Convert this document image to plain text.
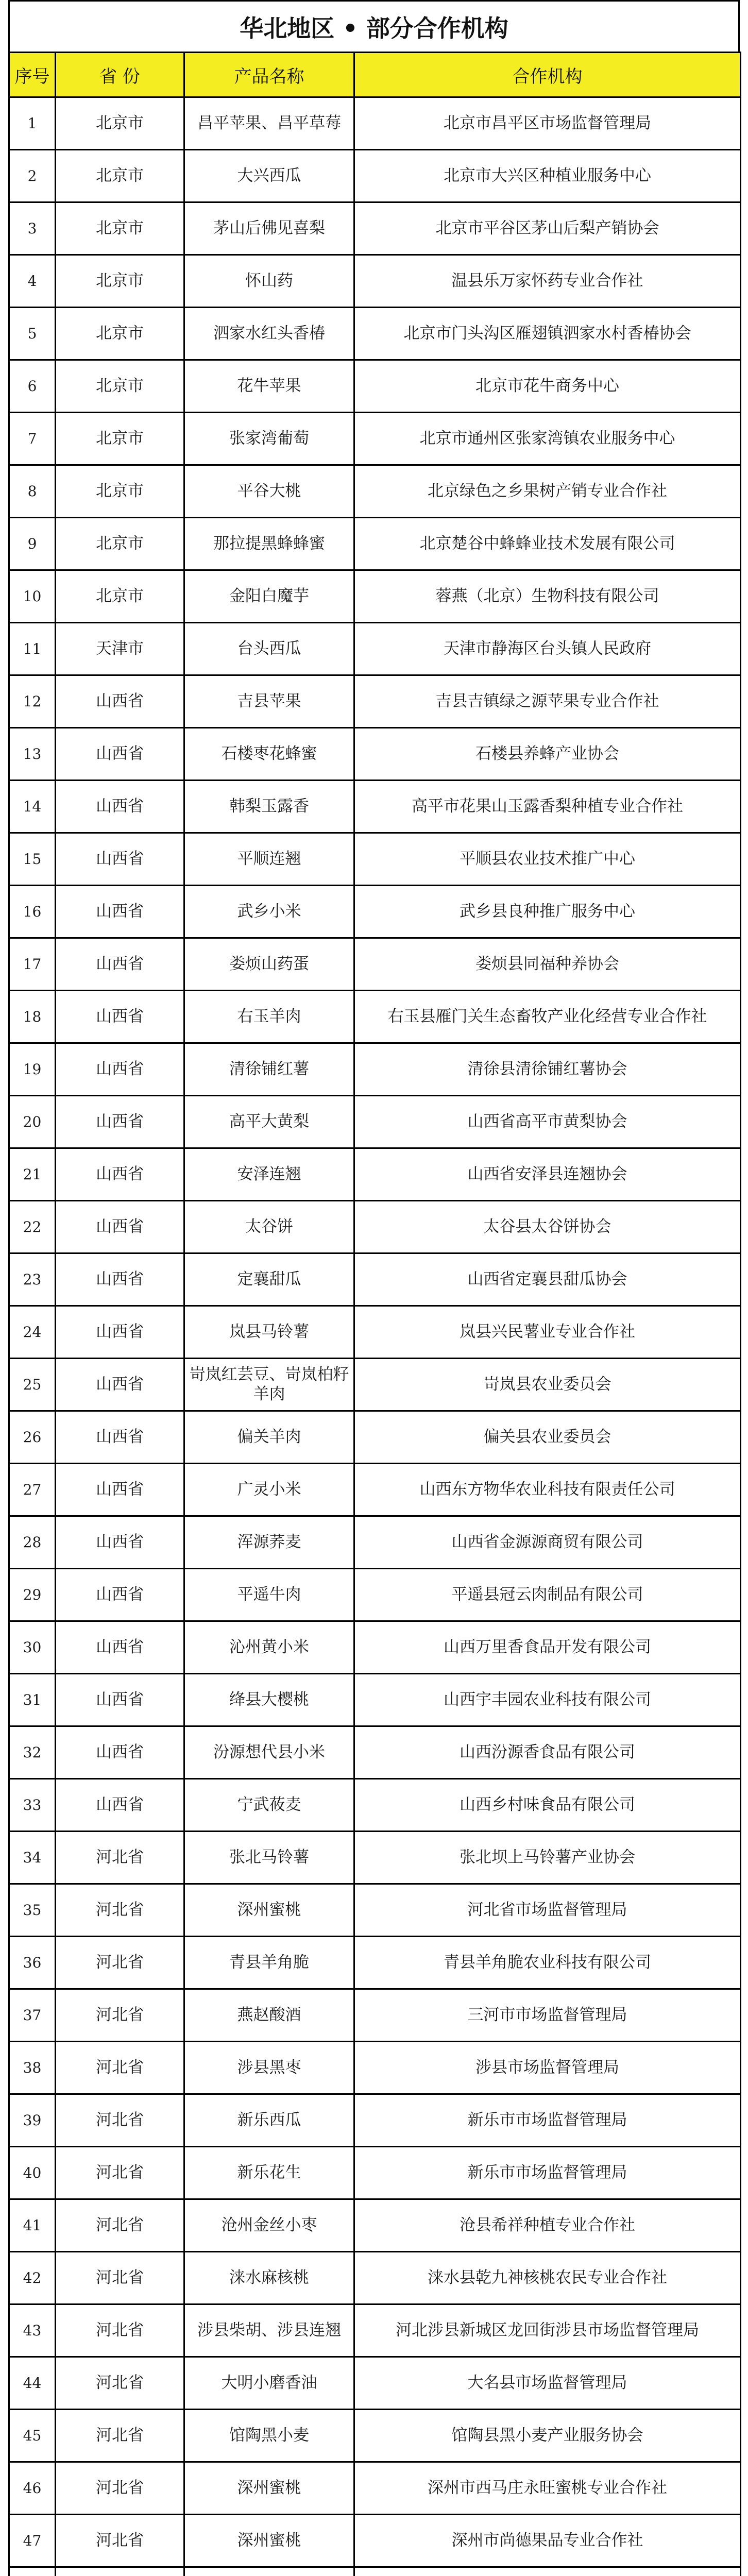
华北地区 • 部分合作机构
序号	省 份	产品名称	合作机构
1	北京市	昌平苹果、昌平草莓	北京市昌平区市场监督管理局
2	北京市	大兴西瓜	北京市大兴区种植业服务中心
3	北京市	茅山后佛见喜梨	北京市平谷区茅山后梨产销协会
4	北京市	怀山药	温县乐万家怀药专业合作社
5	北京市	泗家水红头香椿	北京市门头沟区雁翅镇泗家水村香椿协会
6	北京市	花牛苹果	北京市花牛商务中心
7	北京市	张家湾葡萄	北京市通州区张家湾镇农业服务中心
8	北京市	平谷大桃	北京绿色之乡果树产销专业合作社
9	北京市	那拉提黑蜂蜂蜜	北京楚谷中蜂蜂业技术发展有限公司
10	北京市	金阳白魔芋	蓉燕（北京）生物科技有限公司
11	天津市	台头西瓜	天津市静海区台头镇人民政府
12	山西省	吉县苹果	吉县吉镇绿之源苹果专业合作社
13	山西省	石楼枣花蜂蜜	石楼县养蜂产业协会
14	山西省	韩梨玉露香	高平市花果山玉露香梨种植专业合作社
15	山西省	平顺连翘	平顺县农业技术推广中心
16	山西省	武乡小米	武乡县良种推广服务中心
17	山西省	娄烦山药蛋	娄烦县同福种养协会
18	山西省	右玉羊肉	右玉县雁门关生态畜牧产业化经营专业合作社
19	山西省	清徐铺红薯	清徐县清徐铺红薯协会
20	山西省	高平大黄梨	山西省高平市黄梨协会
21	山西省	安泽连翘	山西省安泽县连翘协会
22	山西省	太谷饼	太谷县太谷饼协会
23	山西省	定襄甜瓜	山西省定襄县甜瓜协会
24	山西省	岚县马铃薯	岚县兴民薯业专业合作社
25	山西省	岢岚红芸豆、岢岚柏籽羊肉	岢岚县农业委员会
26	山西省	偏关羊肉	偏关县农业委员会
27	山西省	广灵小米	山西东方物华农业科技有限责任公司
28	山西省	浑源荞麦	山西省金源源商贸有限公司
29	山西省	平遥牛肉	平遥县冠云肉制品有限公司
30	山西省	沁州黄小米	山西万里香食品开发有限公司
31	山西省	绛县大樱桃	山西宇丰园农业科技有限公司
32	山西省	汾源想代县小米	山西汾源香食品有限公司
33	山西省	宁武莜麦	山西乡村味食品有限公司
34	河北省	张北马铃薯	张北坝上马铃薯产业协会
35	河北省	深州蜜桃	河北省市场监督管理局
36	河北省	青县羊角脆	青县羊角脆农业科技有限公司
37	河北省	燕赵酸酒	三河市市场监督管理局
38	河北省	涉县黑枣	涉县市场监督管理局
39	河北省	新乐西瓜	新乐市市场监督管理局
40	河北省	新乐花生	新乐市市场监督管理局
41	河北省	沧州金丝小枣	沧县希祥种植专业合作社
42	河北省	涞水麻核桃	涞水县乾九神核桃农民专业合作社
43	河北省	涉县柴胡、涉县连翘	河北涉县新城区龙回街涉县市场监督管理局
44	河北省	大明小磨香油	大名县市场监督管理局
45	河北省	馆陶黑小麦	馆陶县黑小麦产业服务协会
46	河北省	深州蜜桃	深州市西马庄永旺蜜桃专业合作社
47	河北省	深州蜜桃	深州市尚德果品专业合作社
